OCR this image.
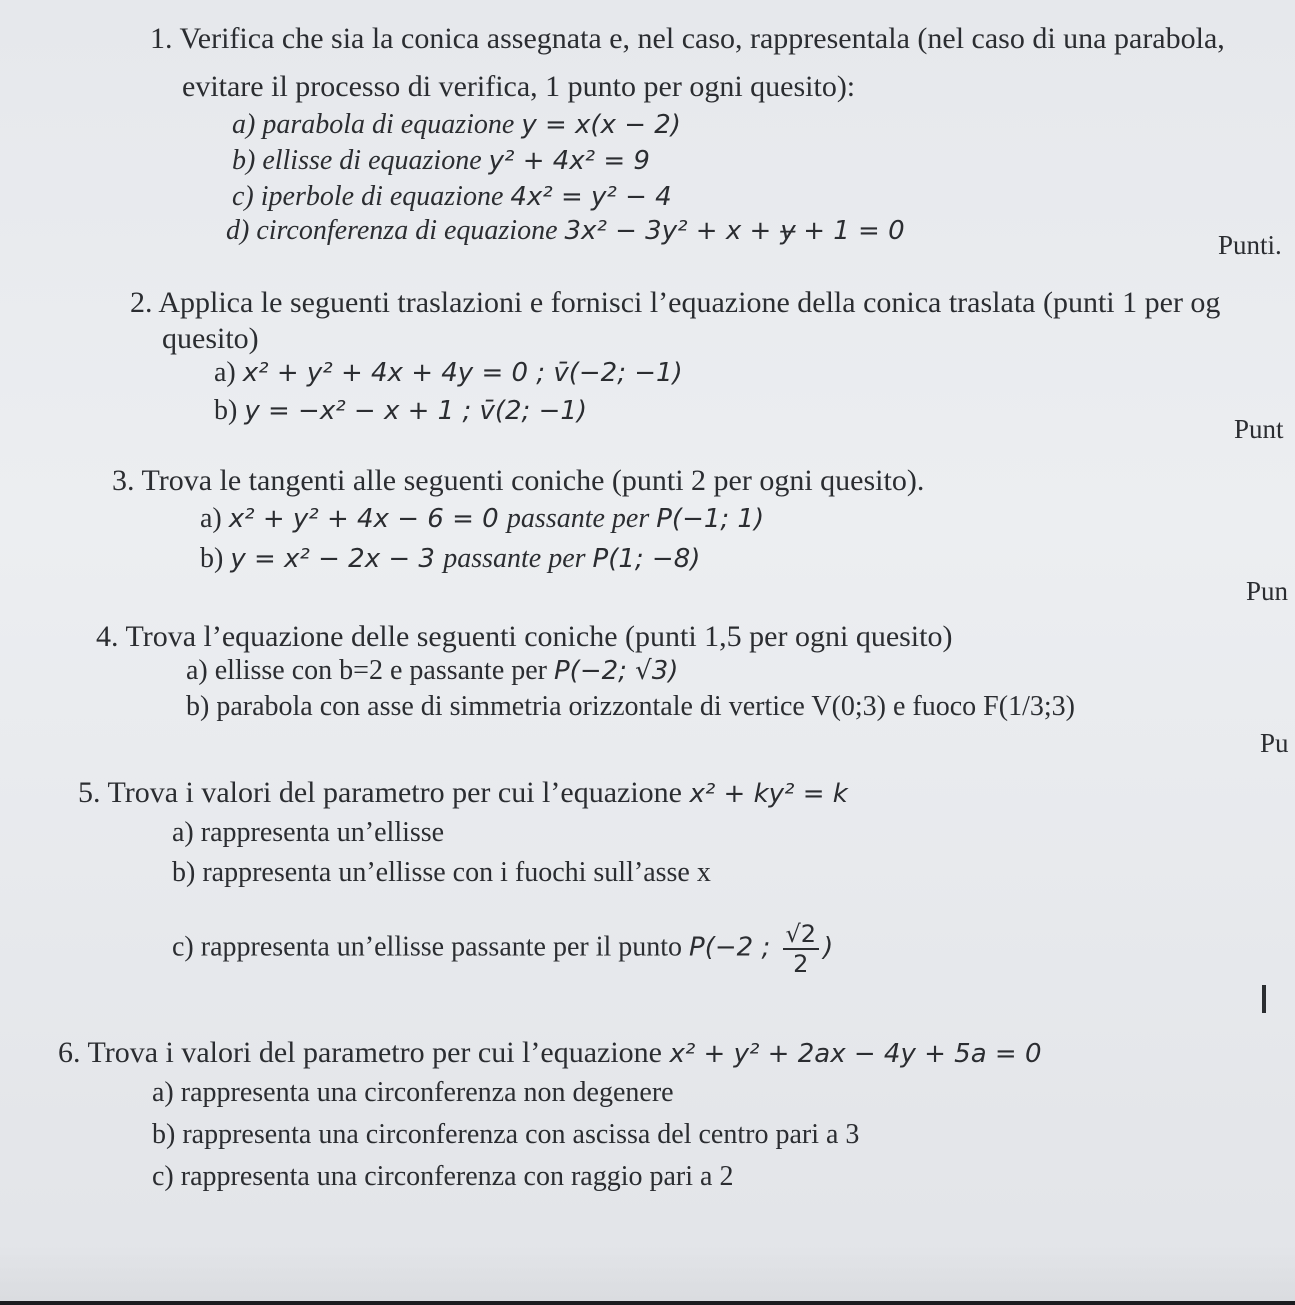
1. Verifica che sia la conica assegnata e, nel caso, rappresentala (nel caso di una parabola,
evitare il processo di verifica, 1 punto per ogni quesito):
a) parabola di equazione y = x(x − 2)
b) ellisse di equazione y² + 4x² = 9
c) iperbole di equazione 4x² = y² − 4
d) circonferenza di equazione 3x² − 3y² + x + ɏ + 1 = 0	Punti.
2. Applica le seguenti traslazioni e fornisci l’equazione della conica traslata (punti 1 per og
quesito)
a) x² + y² + 4x + 4y = 0 ; v̄(−2; −1)
b) y = −x² − x + 1 ; v̄(2; −1)
Punt
3. Trova le tangenti alle seguenti coniche (punti 2 per ogni quesito).
a) x² + y² + 4x − 6 = 0 passante per P(−1; 1)
b) y = x² − 2x − 3 passante per P(1; −8)
Pun
4. Trova l’equazione delle seguenti coniche (punti 1,5 per ogni quesito)
a) ellisse con b=2 e passante per P(−2; √3)
b) parabola con asse di simmetria orizzontale di vertice V(0;3) e fuoco F(1/3;3)
Pu
5. Trova i valori del parametro per cui l’equazione x² + ky² = k
a) rappresenta un’ellisse
b) rappresenta un’ellisse con i fuochi sull’asse x
c) rappresenta un’ellisse passante per il punto P(−2 ; $\frac{√2}{2}$ )
6. Trova i valori del parametro per cui l’equazione x² + y² + 2ax − 4y + 5a = 0
a) rappresenta una circonferenza non degenere
b) rappresenta una circonferenza con ascissa del centro pari a 3
c) rappresenta una circonferenza con raggio pari a 2
